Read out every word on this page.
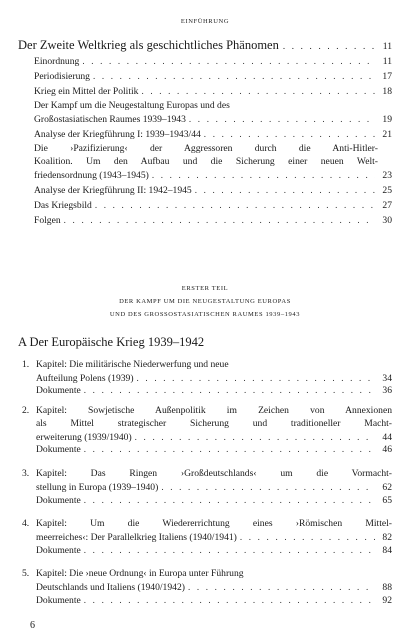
EINFÜHRUNG
Der Zweite Weltkrieg als geschichtliches Phänomen . . .	11
Einordnung . . .	11
Periodisierung . . .	17
Krieg ein Mittel der Politik . . .	18
Der Kampf um die Neugestaltung Europas und des
Großostasiatischen Raumes 1939–1943 . . .	19
Analyse der Kriegführung I: 1939–1943/44 . . .	21
Die ›Pazifizierung‹ der Aggressoren durch die Anti-Hitler-
Koalition. Um den Aufbau und die Sicherung einer neuen Welt-
friedensordnung (1943–1945) . . .	23
Analyse der Kriegführung II: 1942–1945 . . .	25
Das Kriegsbild . . .	27
Folgen . . .	30
ERSTER TEIL
DER KAMPF UM DIE NEUGESTALTUNG EUROPAS
UND DES GROSSOSTASIATISCHEN RAUMES 1939–1943
A Der Europäische Krieg 1939–1942
1. Kapitel: Die militärische Niederwerfung und neue
Aufteilung Polens (1939) . . .	34
Dokumente . . .	36
2. Kapitel: Sowjetische Außenpolitik im Zeichen von Annexionen
als Mittel strategischer Sicherung und traditioneller Macht-
erweiterung (1939/1940) . . .	44
Dokumente . . .	46
3. Kapitel: Das Ringen ›Großdeutschlands‹ um die Vormacht-
stellung in Europa (1939–1940) . . .	62
Dokumente . . .	65
4. Kapitel: Um die Wiedererrichtung eines ›Römischen Mittel-
meerreiches‹: Der Parallelkrieg Italiens (1940/1941) . . .	82
Dokumente . . .	84
5. Kapitel: Die ›neue Ordnung‹ in Europa unter Führung
Deutschlands und Italiens (1940/1942) . . .	88
Dokumente . . .	92
6
